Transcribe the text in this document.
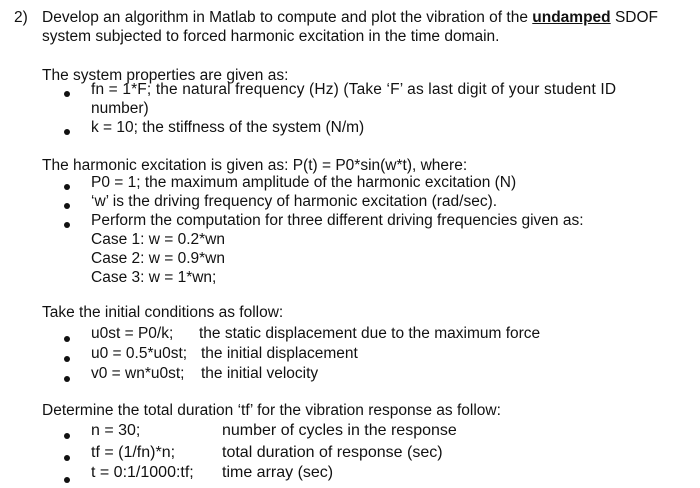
2) Develop an algorithm in Matlab to compute and plot the vibration of the undamped SDOF
system subjected to forced harmonic excitation in the time domain.
The system properties are given as:
fn = 1*F; the natural frequency (Hz) (Take ‘F’ as last digit of your student ID
number)
k = 10; the stiffness of the system (N/m)
The harmonic excitation is given as: P(t) = P0*sin(w*t), where:
P0 = 1; the maximum amplitude of the harmonic excitation (N)
‘w’ is the driving frequency of harmonic excitation (rad/sec).
Perform the computation for three different driving frequencies given as:
Case 1: w = 0.2*wn
Case 2: w = 0.9*wn
Case 3: w = 1*wn;
Take the initial conditions as follow:
u0st = P0/k; the static displacement due to the maximum force
u0 = 0.5*u0st; the initial displacement
v0 = wn*u0st; the initial velocity
Determine the total duration ‘tf’ for the vibration response as follow:
n = 30;	number of cycles in the response
tf = (1/fn)*n;	total duration of response (sec)
t = 0:1/1000:tf; time array (sec)
